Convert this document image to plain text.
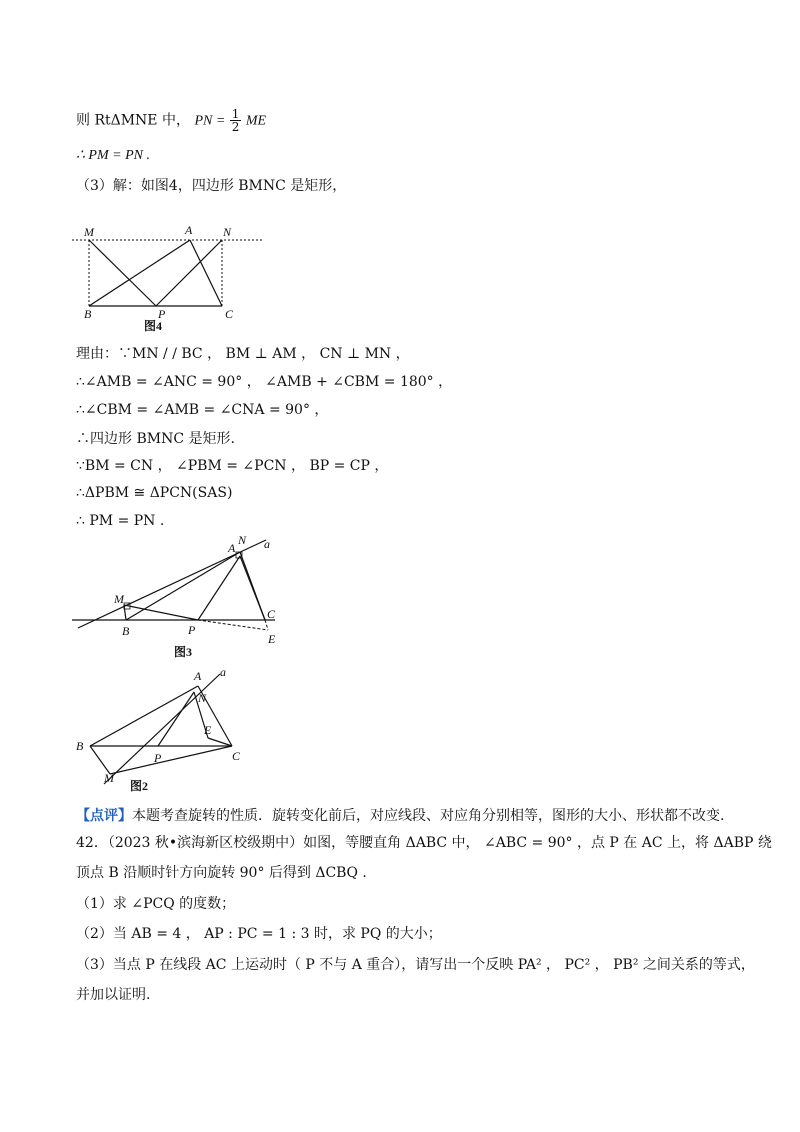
则 RtΔMNE 中， PN = $\frac{1}{2}$ ME
∴ PM = PN .
（3）解：如图4，四边形 BMNC 是矩形，
M	A	N
B	P	C
图4
理由：∵MN / / BC ， BM ⊥ AM ， CN ⊥ MN ，
∴∠AMB = ∠ANC = 90° ， ∠AMB + ∠CBM = 180° ，
∴∠CBM = ∠AMB = ∠CNA = 90° ，
∴四边形 BMNC 是矩形.
∵BM = CN ， ∠PBM = ∠PCN ， BP = CP ，
∴ΔPBM ≅ ΔPCN(SAS)
∴ PM = PN .
A
N a
M
B	P
C
E
图3
A a
N
E
B
P	C
M
图2
【点评】本题考查旋转的性质．旋转变化前后，对应线段、对应角分别相等，图形的大小、形状都不改变.
42．（2023 秋•滨海新区校级期中）如图，等腰直角 ΔABC 中， ∠ABC = 90° ，点 P 在 AC 上，将 ΔABP 绕
顶点 B 沿顺时针方向旋转 90° 后得到 ΔCBQ .
（1）求 ∠PCQ 的度数；
（2）当 AB = 4 ， AP : PC = 1 : 3 时，求 PQ 的大小；
（3）当点 P 在线段 AC 上运动时（ P 不与 A 重合），请写出一个反映 PA² ， PC² ， PB² 之间关系的等式，
并加以证明.
